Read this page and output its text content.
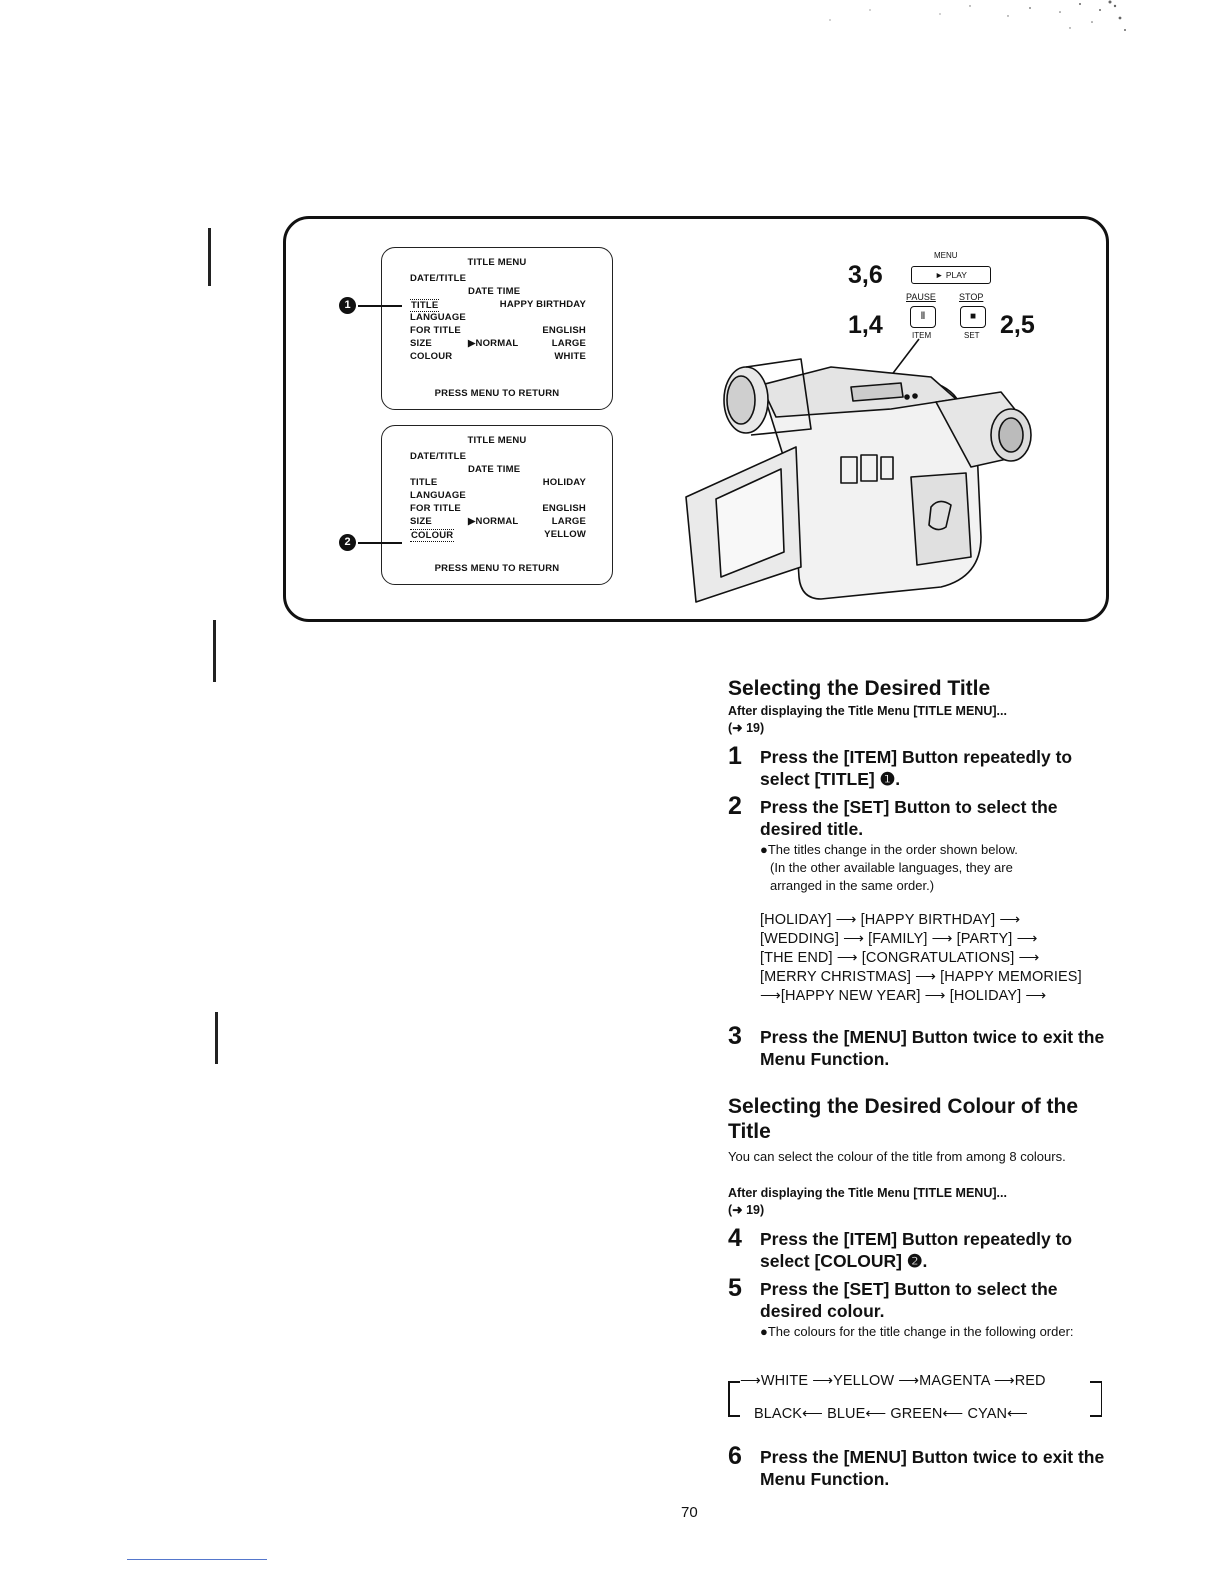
TITLE MENU
DATE/TITLE
DATE TIME
TITLE	HAPPY BIRTHDAY
LANGUAGE
FOR TITLE	ENGLISH
SIZE	▶NORMAL	LARGE
COLOUR	WHITE
PRESS MENU TO RETURN
1
TITLE MENU
DATE/TITLE
DATE TIME
TITLE	HOLIDAY
LANGUAGE
FOR TITLE	ENGLISH
SIZE	▶NORMAL	LARGE
COLOUR	YELLOW
PRESS MENU TO RETURN
2
3,6
1,4	2,5
MENU
► PLAY
PAUSE	STOP
Ⅱ	■
ITEM	SET
Selecting the Desired Title
After displaying the Title Menu [TITLE MENU]...
(➜ 19)
1 Press the [ITEM] Button repeatedly to select [TITLE] ❶.
2 Press the [SET] Button to select the desired title.
●The titles change in the order shown below.
(In the other available languages, they are
arranged in the same order.)
[HOLIDAY] ⟶ [HAPPY BIRTHDAY] ⟶
[WEDDING] ⟶ [FAMILY] ⟶ [PARTY] ⟶
[THE END] ⟶ [CONGRATULATIONS] ⟶
[MERRY CHRISTMAS] ⟶ [HAPPY MEMORIES]
⟶[HAPPY NEW YEAR] ⟶ [HOLIDAY] ⟶
3 Press the [MENU] Button twice to exit the Menu Function.
Selecting the Desired Colour of the Title
You can select the colour of the title from among 8 colours.
After displaying the Title Menu [TITLE MENU]...
(➜ 19)
4 Press the [ITEM] Button repeatedly to select [COLOUR] ❷.
5 Press the [SET] Button to select the desired colour.
●The colours for the title change in the following order:
⟶WHITE ⟶YELLOW ⟶MAGENTA ⟶RED
BLACK⟵ BLUE⟵ GREEN⟵ CYAN⟵
6 Press the [MENU] Button twice to exit the Menu Function.
70
